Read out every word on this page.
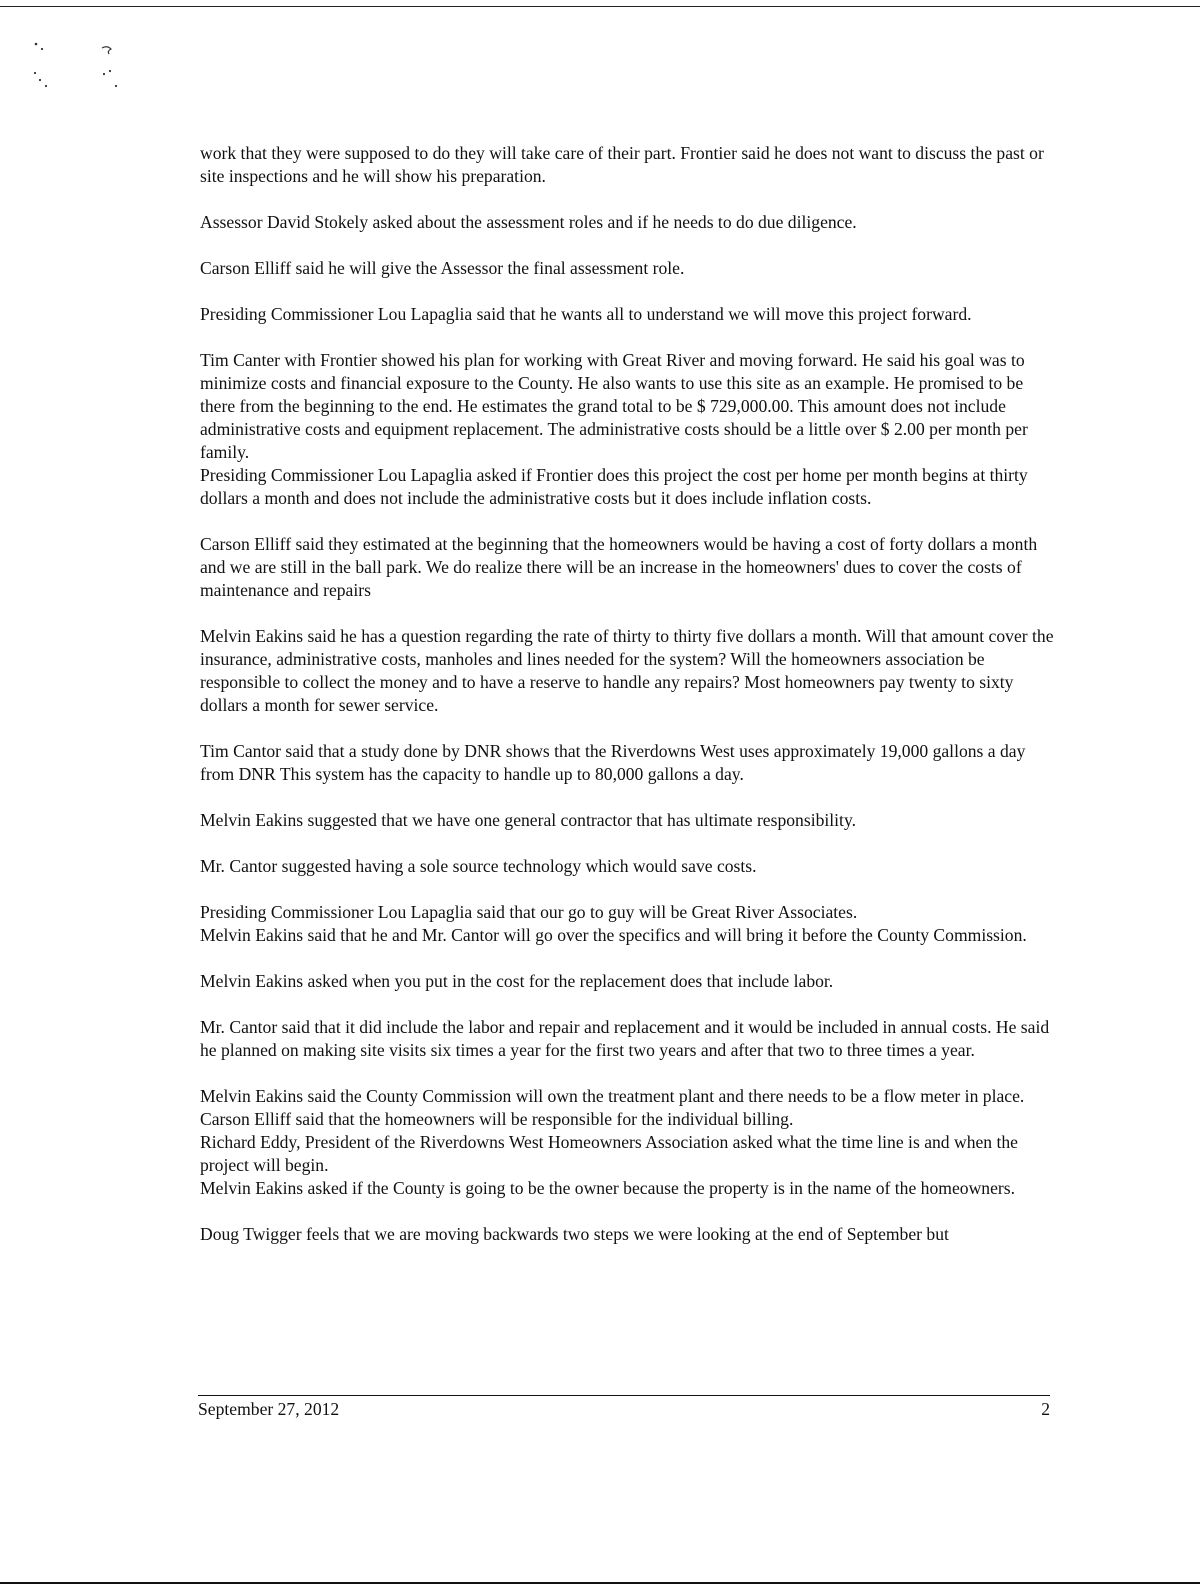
work that they were supposed to do they will take care of their part. Frontier said he does not want to discuss the past or site inspections and he will show his preparation.

Assessor David Stokely asked about the assessment roles and if he needs to do due diligence.

Carson Elliff said he will give the Assessor the final assessment role.

Presiding Commissioner Lou Lapaglia said that he wants all to understand we will move this project forward.

Tim Canter with Frontier showed his plan for working with Great River and moving forward. He said his goal was to minimize costs and financial exposure to the County. He also wants to use this site as an example. He promised to be there from the beginning to the end. He estimates the grand total to be $ 729,000.00. This amount does not include administrative costs and equipment replacement. The administrative costs should be a little over $ 2.00 per month per family.

Presiding Commissioner Lou Lapaglia asked if Frontier does this project the cost per home per month begins at thirty dollars a month and does not include the administrative costs but it does include inflation costs.

Carson Elliff said they estimated at the beginning that the homeowners would be having a cost of forty dollars a month and we are still in the ball park. We do realize there will be an increase in the homeowners' dues to cover the costs of maintenance and repairs

Melvin Eakins said he has a question regarding the rate of thirty to thirty five dollars a month. Will that amount cover the insurance, administrative costs, manholes and lines needed for the system? Will the homeowners association be responsible to collect the money and to have a reserve to handle any repairs? Most homeowners pay twenty to sixty dollars a month for sewer service.

Tim Cantor said that a study done by DNR shows that the Riverdowns West uses approximately 19,000 gallons a day from DNR This system has the capacity to handle up to 80,000 gallons a day.

Melvin Eakins suggested that we have one general contractor that has ultimate responsibility.

Mr. Cantor suggested having a sole source technology which would save costs.

Presiding Commissioner Lou Lapaglia said that our go to guy will be Great River Associates.

Melvin Eakins said that he and Mr. Cantor will go over the specifics and will bring it before the County Commission.

Melvin Eakins asked when you put in the cost for the replacement does that include labor.

Mr. Cantor said that it did include the labor and repair and replacement and it would be included in annual costs. He said he planned on making site visits six times a year for the first two years and after that two to three times a year.

Melvin Eakins said the County Commission will own the treatment plant and there needs to be a flow meter in place.

Carson Elliff said that the homeowners will be responsible for the individual billing.

Richard Eddy, President of the Riverdowns West Homeowners Association asked what the time line is and when the project will begin.

Melvin Eakins asked if the County is going to be the owner because the property is in the name of the homeowners.

Doug Twigger feels that we are moving backwards two steps we were looking at the end of September but

September 27, 2012	2
